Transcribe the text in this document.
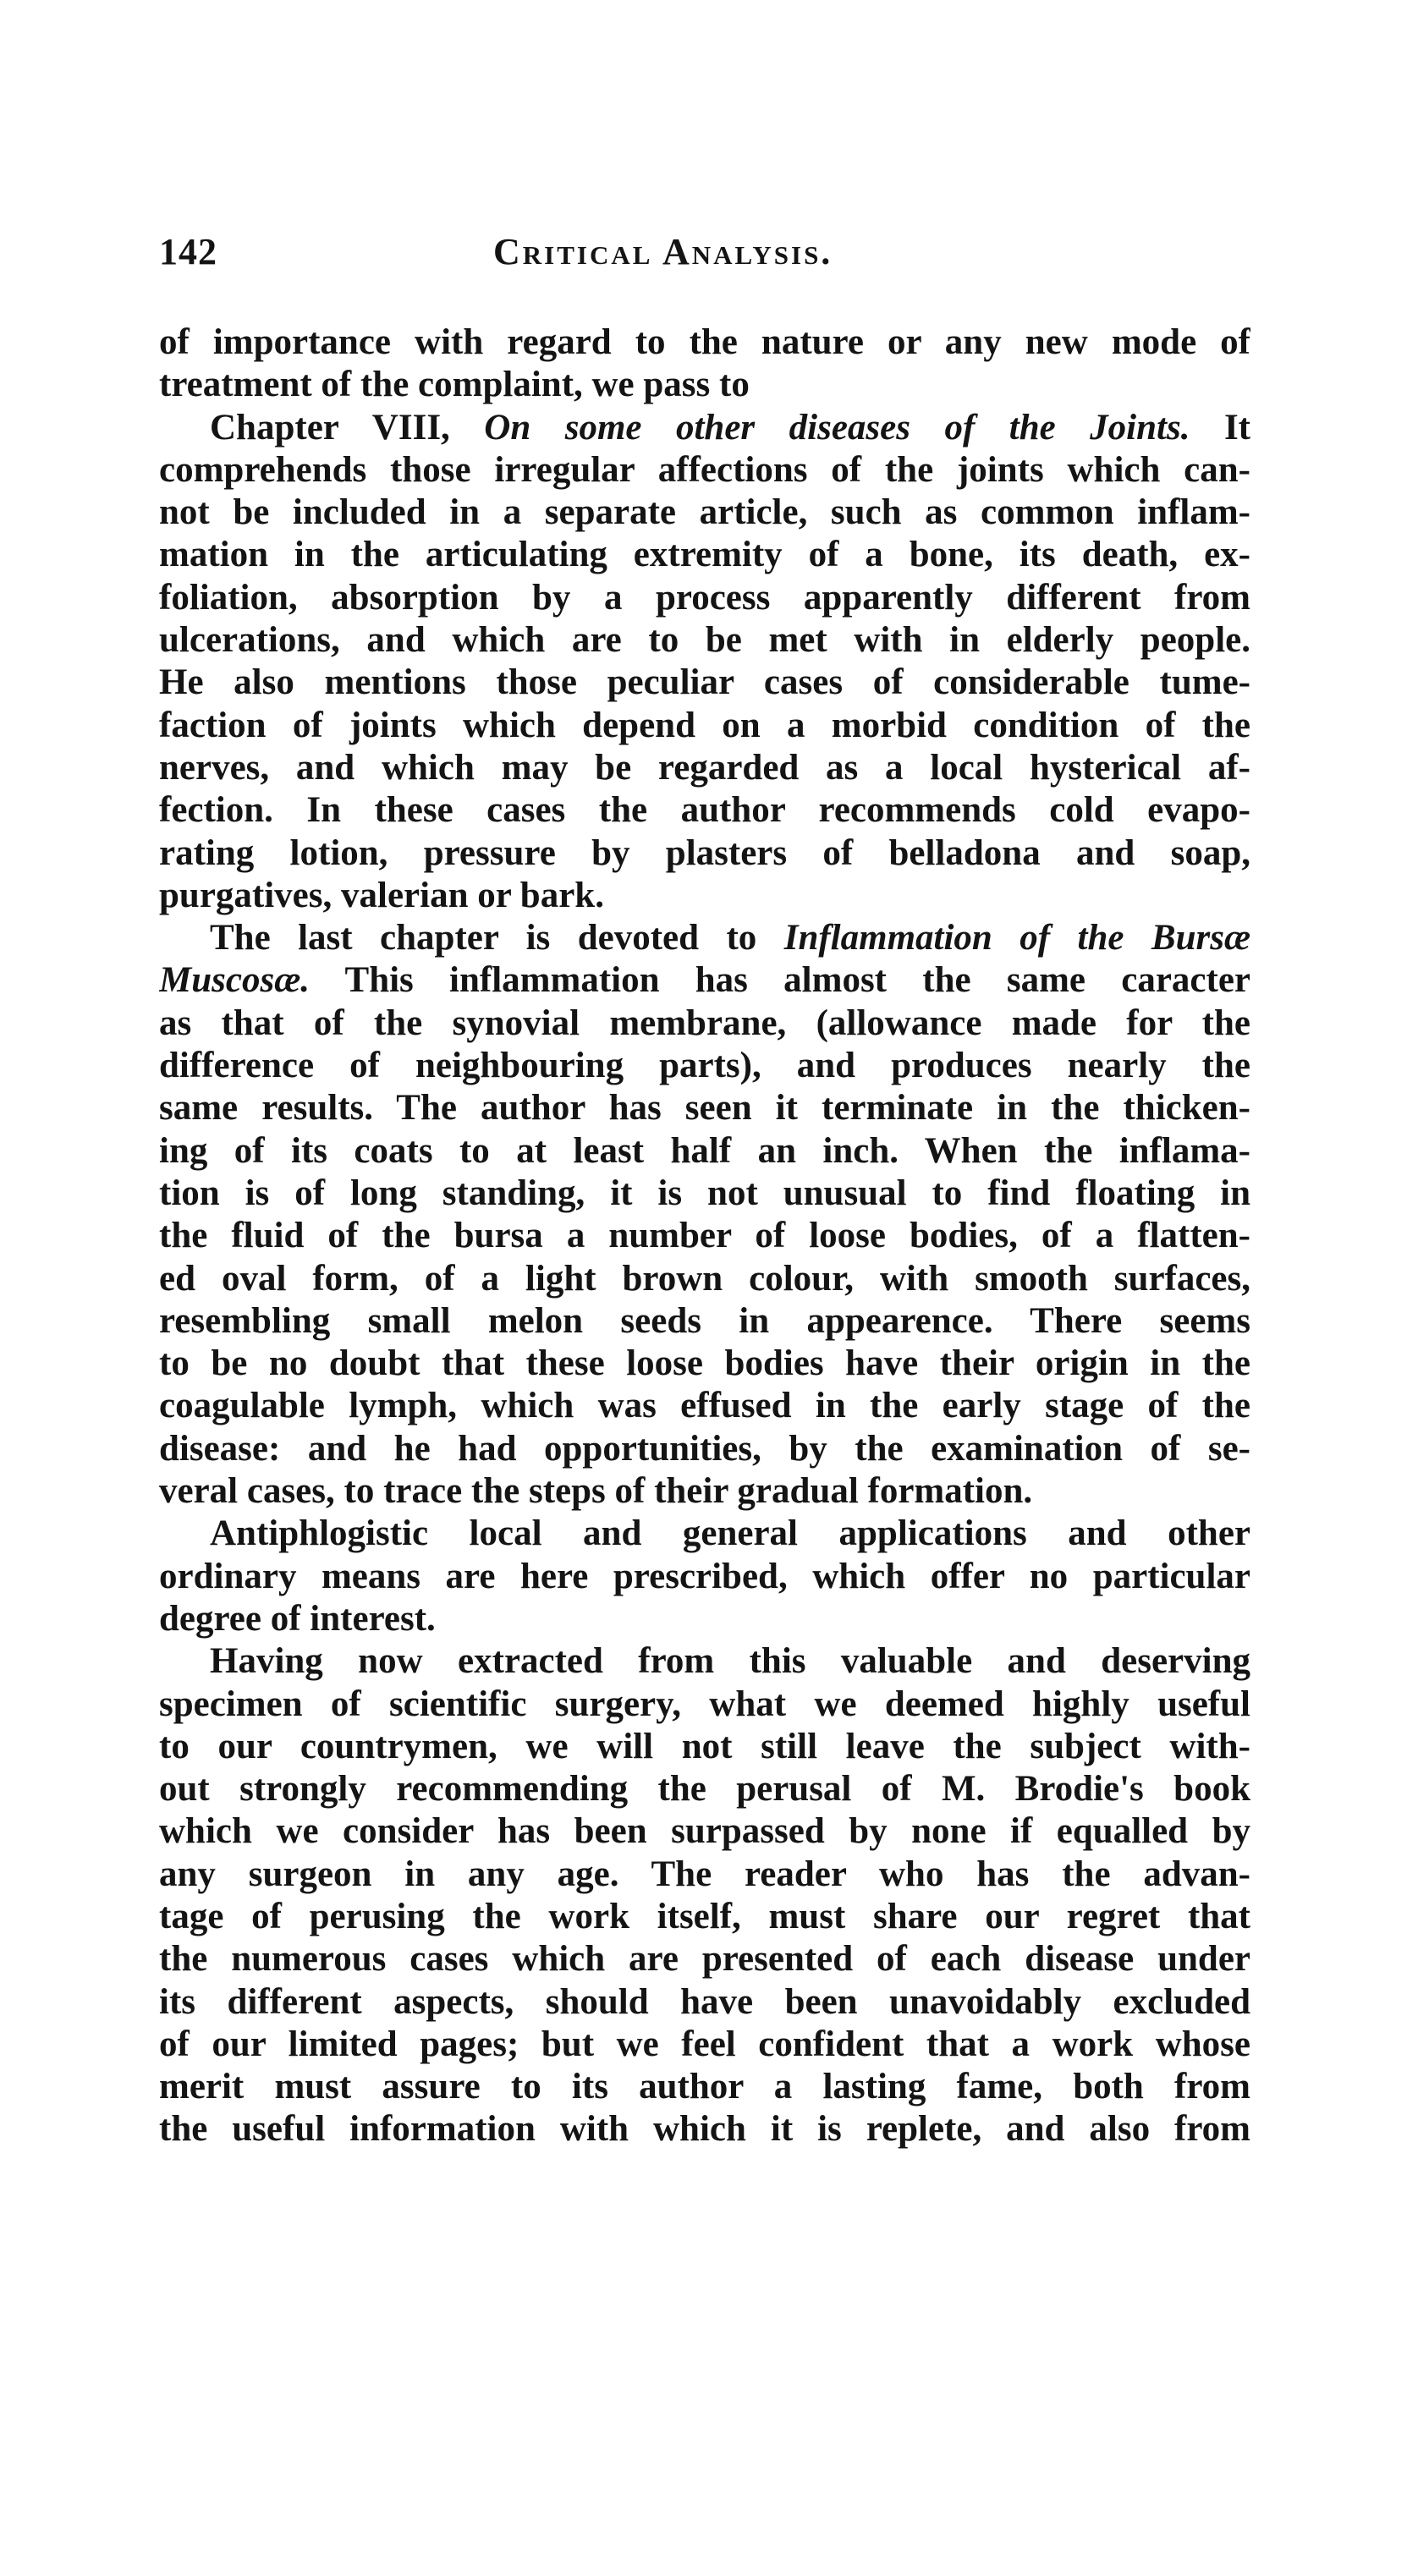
142	Critical Analysis.
of importance with regard to the nature or any new mode of
treatment of the complaint, we pass to
Chapter VIII, On some other diseases of the Joints. It
comprehends those irregular affections of the joints which can-
not be included in a separate article, such as common inflam-
mation in the articulating extremity of a bone, its death, ex-
foliation, absorption by a process apparently different from
ulcerations, and which are to be met with in elderly people.
He also mentions those peculiar cases of considerable tume-
faction of joints which depend on a morbid condition of the
nerves, and which may be regarded as a local hysterical af-
fection. In these cases the author recommends cold evapo-
rating lotion, pressure by plasters of belladona and soap,
purgatives, valerian or bark.
The last chapter is devoted to Inflammation of the Bursæ
Muscosæ. This inflammation has almost the same caracter
as that of the synovial membrane, (allowance made for the
difference of neighbouring parts), and produces nearly the
same results. The author has seen it terminate in the thicken-
ing of its coats to at least half an inch. When the inflama-
tion is of long standing, it is not unusual to find floating in
the fluid of the bursa a number of loose bodies, of a flatten-
ed oval form, of a light brown colour, with smooth surfaces,
resembling small melon seeds in appearence. There seems
to be no doubt that these loose bodies have their origin in the
coagulable lymph, which was effused in the early stage of the
disease: and he had opportunities, by the examination of se-
veral cases, to trace the steps of their gradual formation.
Antiphlogistic local and general applications and other
ordinary means are here prescribed, which offer no particular
degree of interest.
Having now extracted from this valuable and deserving
specimen of scientific surgery, what we deemed highly useful
to our countrymen, we will not still leave the subject with-
out strongly recommending the perusal of M. Brodie's book
which we consider has been surpassed by none if equalled by
any surgeon in any age. The reader who has the advan-
tage of perusing the work itself, must share our regret that
the numerous cases which are presented of each disease under
its different aspects, should have been unavoidably excluded
of our limited pages; but we feel confident that a work whose
merit must assure to its author a lasting fame, both from
the useful information with which it is replete, and also from
